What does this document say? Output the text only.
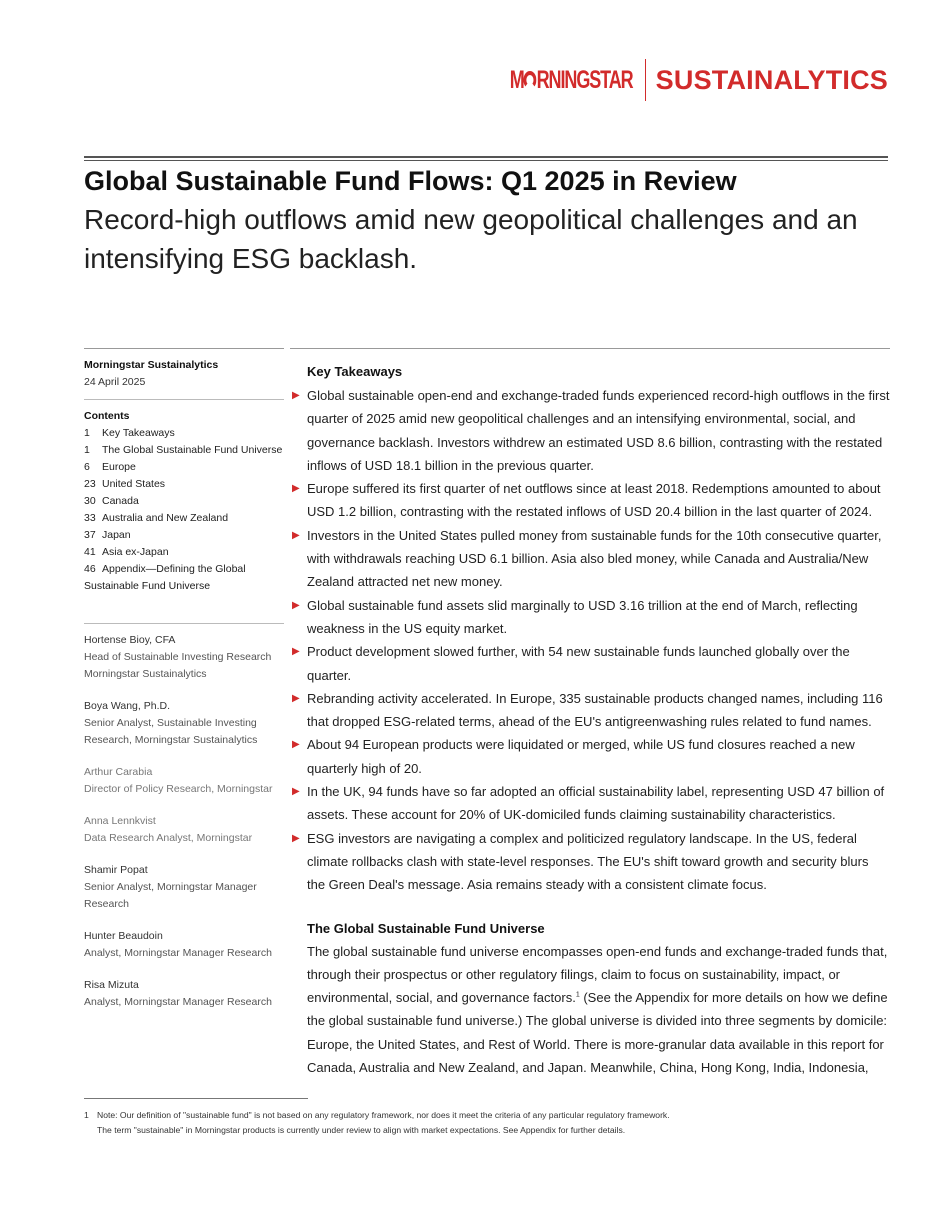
M RNINGSTAR SUSTAINALYTICS
Global Sustainable Fund Flows: Q1 2025 in Review
Record-high outflows amid new geopolitical challenges and an intensifying ESG backlash.
Morningstar Sustainalytics
24 April 2025
Contents
1	Key Takeaways
1	The Global Sustainable Fund Universe
6	Europe
23 United States
30 Canada
33 Australia and New Zealand
37 Japan
41 Asia ex-Japan
46 Appendix—Defining the Global
Sustainable Fund Universe
Hortense Bioy, CFA
Head of Sustainable Investing Research
Morningstar Sustainalytics
Boya Wang, Ph.D.
Senior Analyst, Sustainable Investing
Research, Morningstar Sustainalytics
Arthur Carabia
Director of Policy Research, Morningstar
Anna Lennkvist
Data Research Analyst, Morningstar
Shamir Popat
Senior Analyst, Morningstar Manager
Research
Hunter Beaudoin
Analyst, Morningstar Manager Research
Risa Mizuta
Analyst, Morningstar Manager Research
Key Takeaways
▶ Global sustainable open-end and exchange-traded funds experienced record-high outflows in the first quarter of 2025 amid new geopolitical challenges and an intensifying environmental, social, and governance backlash. Investors withdrew an estimated USD 8.6 billion, contrasting with the restated inflows of USD 18.1 billion in the previous quarter.
▶ Europe suffered its first quarter of net outflows since at least 2018. Redemptions amounted to about USD 1.2 billion, contrasting with the restated inflows of USD 20.4 billion in the last quarter of 2024.
▶ Investors in the United States pulled money from sustainable funds for the 10th consecutive quarter, with withdrawals reaching USD 6.1 billion. Asia also bled money, while Canada and Australia/New Zealand attracted net new money.
▶ Global sustainable fund assets slid marginally to USD 3.16 trillion at the end of March, reflecting weakness in the US equity market.
▶ Product development slowed further, with 54 new sustainable funds launched globally over the quarter.
▶ Rebranding activity accelerated. In Europe, 335 sustainable products changed names, including 116 that dropped ESG-related terms, ahead of the EU's antigreenwashing rules related to fund names.
▶ About 94 European products were liquidated or merged, while US fund closures reached a new quarterly high of 20.
▶ In the UK, 94 funds have so far adopted an official sustainability label, representing USD 47 billion of assets. These account for 20% of UK-domiciled funds claiming sustainability characteristics.
▶ ESG investors are navigating a complex and politicized regulatory landscape. In the US, federal climate rollbacks clash with state-level responses. The EU's shift toward growth and security blurs the Green Deal's message. Asia remains steady with a consistent climate focus.
The Global Sustainable Fund Universe
The global sustainable fund universe encompasses open-end funds and exchange-traded funds that, through their prospectus or other regulatory filings, claim to focus on sustainability, impact, or environmental, social, and governance factors.$^1$ (See the Appendix for more details on how we define the global sustainable fund universe.) The global universe is divided into three segments by domicile: Europe, the United States, and Rest of World. There is more-granular data available in this report for Canada, Australia and New Zealand, and Japan. Meanwhile, China, Hong Kong, India, Indonesia,
1 Note: Our definition of "sustainable fund" is not based on any regulatory framework, nor does it meet the criteria of any particular regulatory framework. The term "sustainable" in Morningstar products is currently under review to align with market expectations. See Appendix for further details.
